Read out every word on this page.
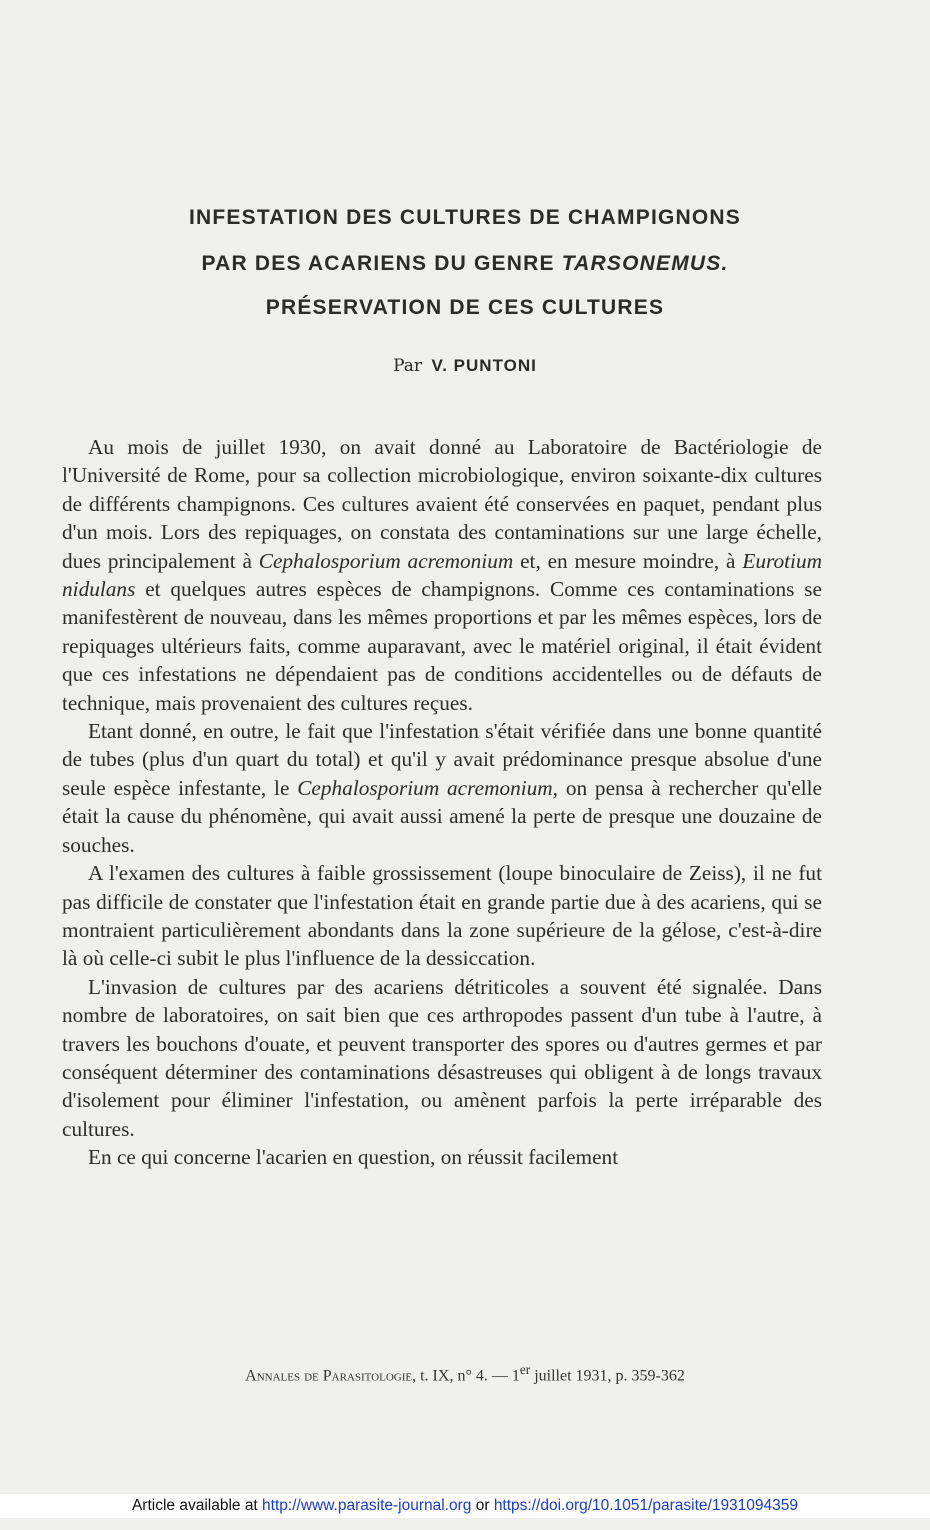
INFESTATION DES CULTURES DE CHAMPIGNONS
PAR DES ACARIENS DU GENRE TARSONEMUS.
PRÉSERVATION DE CES CULTURES
Par V. PUNTONI

Au mois de juillet 1930, on avait donné au Laboratoire de Bactériologie de l'Université de Rome, pour sa collection microbiologique, environ soixante-dix cultures de différents champignons. Ces cultures avaient été conservées en paquet, pendant plus d'un mois. Lors des repiquages, on constata des contaminations sur une large échelle, dues principalement à Cephalosporium acremonium et, en mesure moindre, à Eurotium nidulans et quelques autres espèces de champignons. Comme ces contaminations se manifestèrent de nouveau, dans les mêmes proportions et par les mêmes espèces, lors de repiquages ultérieurs faits, comme auparavant, avec le matériel original, il était évident que ces infestations ne dépendaient pas de conditions accidentelles ou de défauts de technique, mais provenaient des cultures reçues.

Etant donné, en outre, le fait que l'infestation s'était vérifiée dans une bonne quantité de tubes (plus d'un quart du total) et qu'il y avait prédominance presque absolue d'une seule espèce infestante, le Cephalosporium acremonium, on pensa à rechercher qu'elle était la cause du phénomène, qui avait aussi amené la perte de presque une douzaine de souches.

A l'examen des cultures à faible grossissement (loupe binoculaire de Zeiss), il ne fut pas difficile de constater que l'infestation était en grande partie due à des acariens, qui se montraient particulièrement abondants dans la zone supérieure de la gélose, c'est-à-dire là où celle-ci subit le plus l'influence de la dessiccation.

L'invasion de cultures par des acariens détriticoles a souvent été signalée. Dans nombre de laboratoires, on sait bien que ces arthropodes passent d'un tube à l'autre, à travers les bouchons d'ouate, et peuvent transporter des spores ou d'autres germes et par conséquent déterminer des contaminations désastreuses qui obligent à de longs travaux d'isolement pour éliminer l'infestation, ou amènent parfois la perte irréparable des cultures.

En ce qui concerne l'acarien en question, on réussit facilement

Annales de Parasitologie, t. IX, n° 4. — 1er juillet 1931, p. 359-362
Article available at http://www.parasite-journal.org or https://doi.org/10.1051/parasite/1931094359
